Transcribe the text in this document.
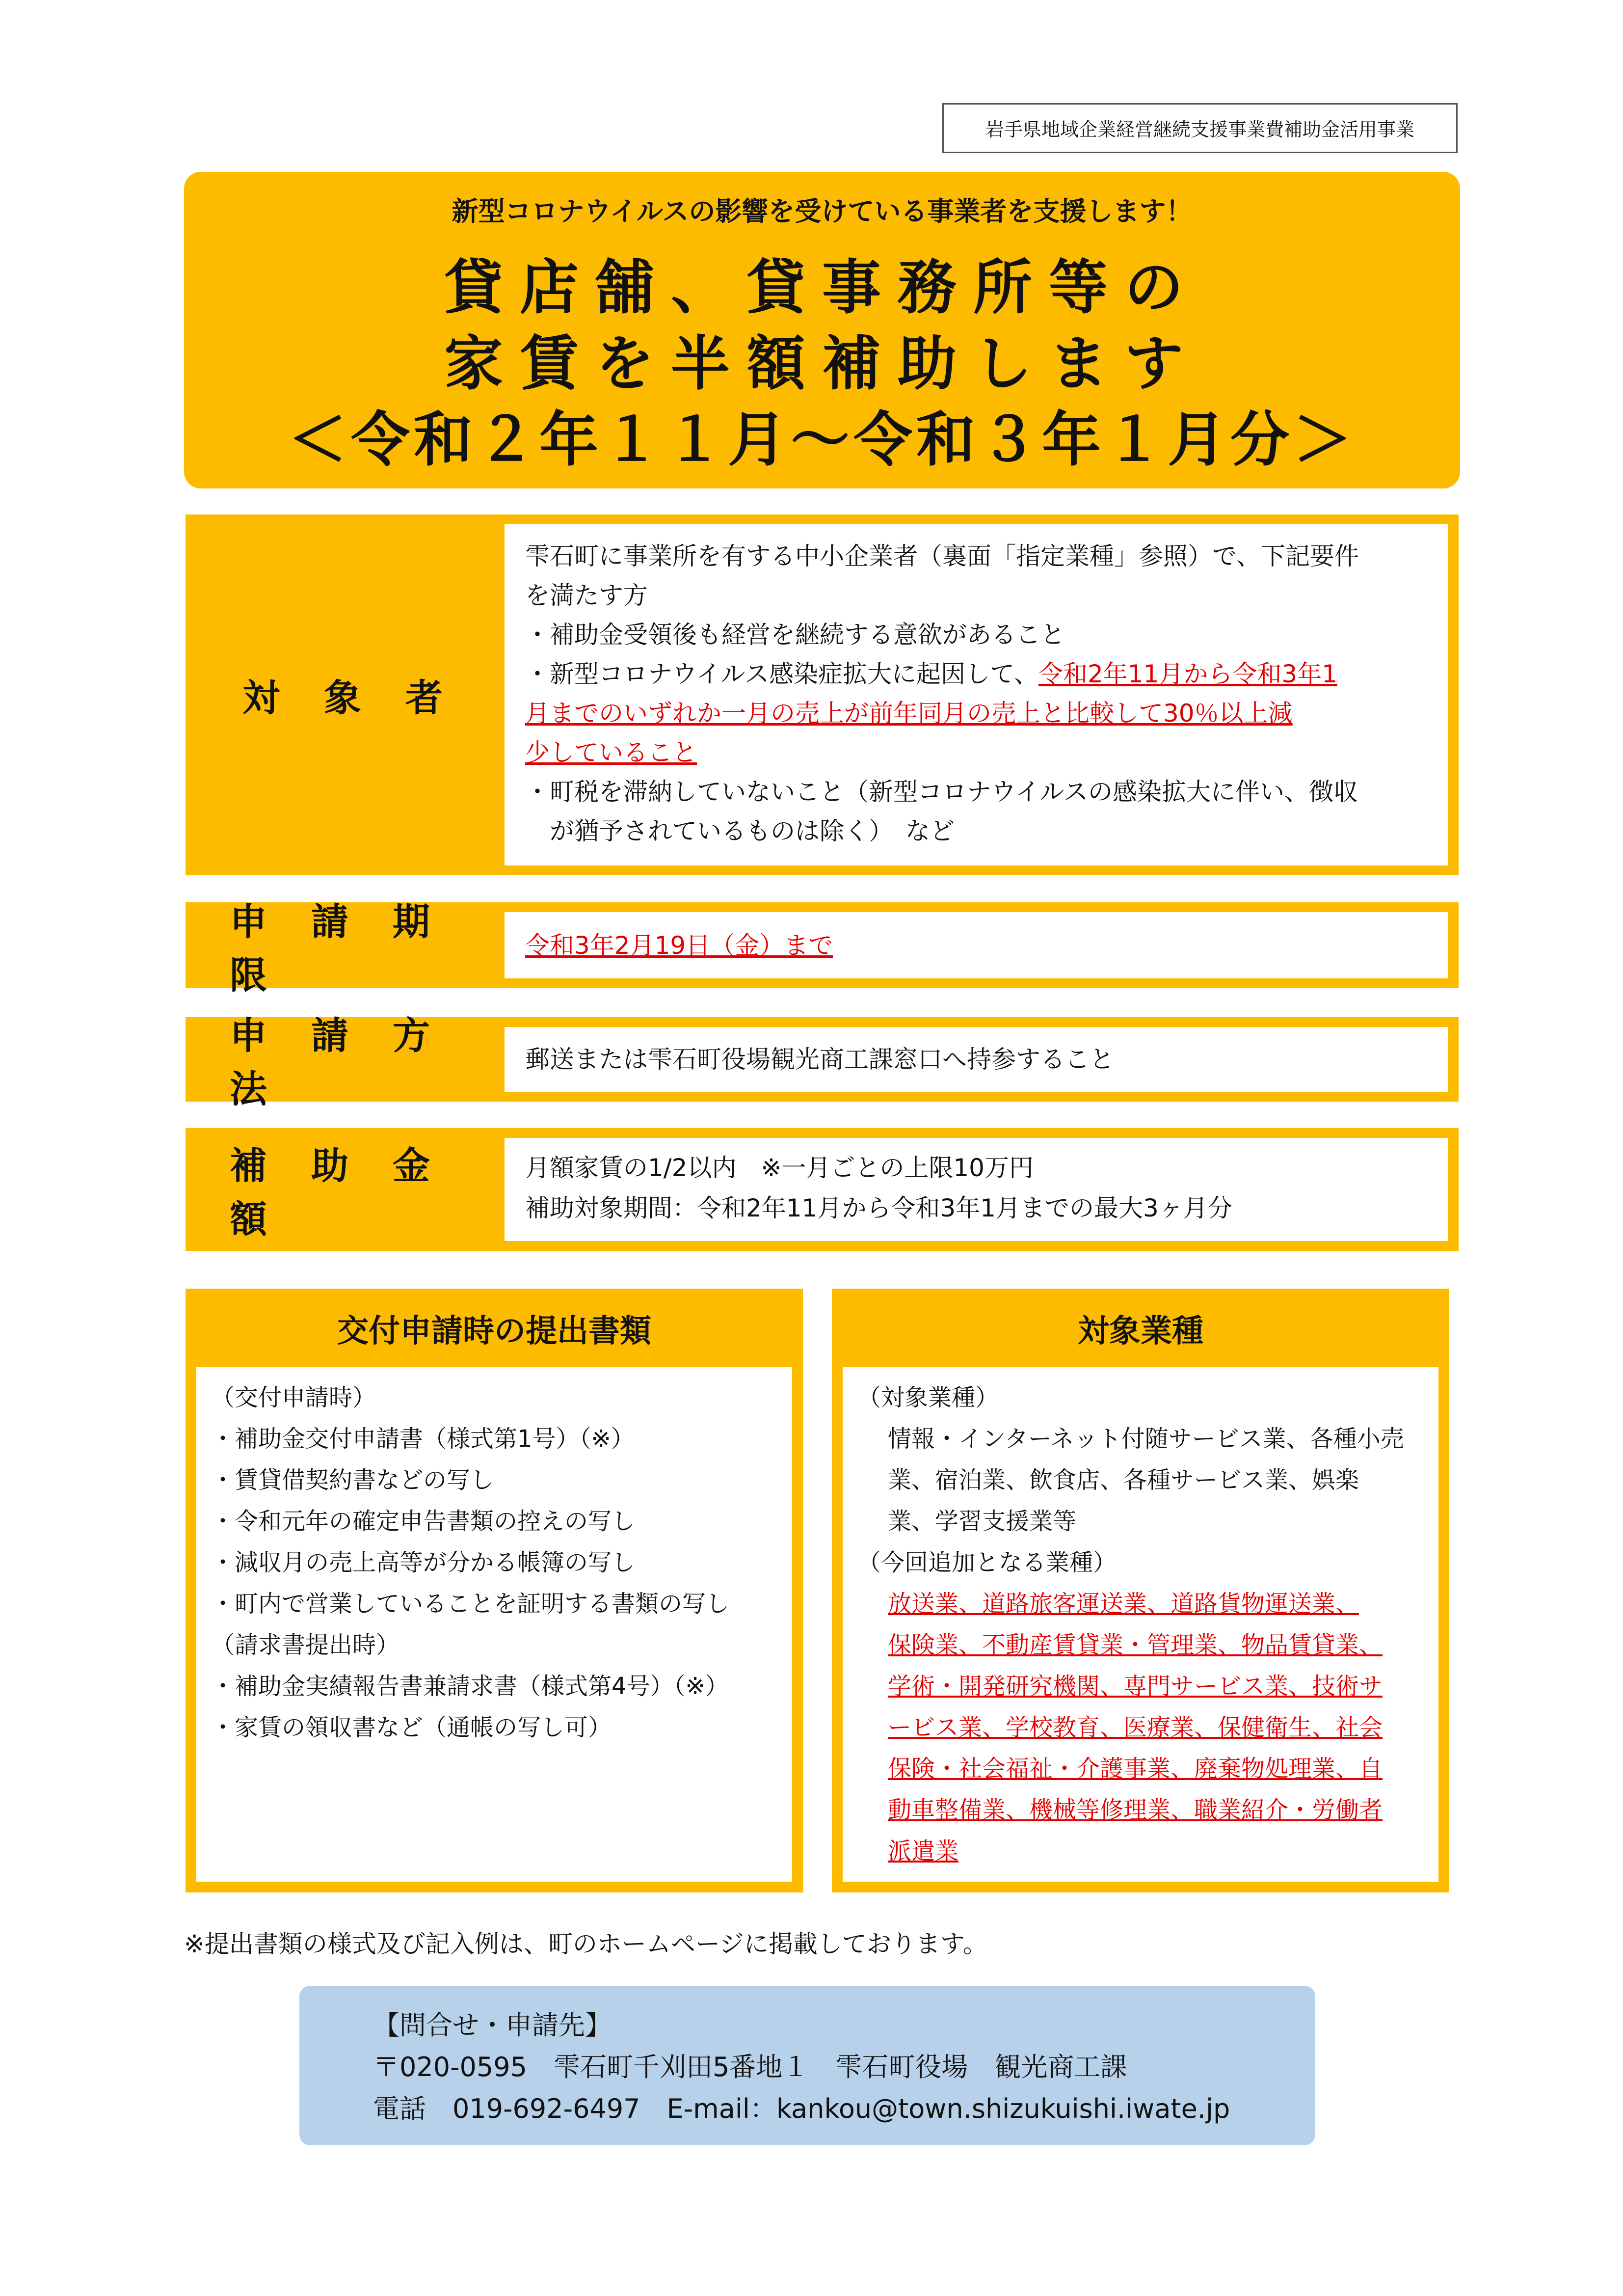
岩手県地域企業経営継続支援事業費補助金活用事業
新型コロナウイルスの影響を受けている事業者を支援します！
貸店舗、貸事務所等の
家賃を半額補助します
＜令和２年１１月～令和３年１月分＞
対象者
雫石町に事業所を有する中小企業者（裏面「指定業種」参照）で、下記要件
を満たす方
・補助金受領後も経営を継続する意欲があること
・新型コロナウイルス感染症拡大に起因して、令和2年11月から令和3年1
月までのいずれか一月の売上が前年同月の売上と比較して30％以上減
少していること
・町税を滞納していないこと（新型コロナウイルスの感染拡大に伴い、徴収
　が猶予されているものは除く）　など
申請期限
令和3年2月19日（金）まで
申請方法
郵送または雫石町役場観光商工課窓口へ持参すること
補助金額
月額家賃の1/2以内　※一月ごとの上限10万円
補助対象期間：令和2年11月から令和3年1月までの最大3ヶ月分
交付申請時の提出書類
（交付申請時）
・補助金交付申請書（様式第1号）（※）
・賃貸借契約書などの写し
・令和元年の確定申告書類の控えの写し
・減収月の売上高等が分かる帳簿の写し
・町内で営業していることを証明する書類の写し
（請求書提出時）
・補助金実績報告書兼請求書（様式第4号）（※）
・家賃の領収書など（通帳の写し可）
対象業種
（対象業種）
情報・インターネット付随サービス業、各種小売
業、宿泊業、飲食店、各種サービス業、娯楽
業、学習支援業等
（今回追加となる業種）
放送業、道路旅客運送業、道路貨物運送業、
保険業、不動産賃貸業・管理業、物品賃貸業、
学術・開発研究機関、専門サービス業、技術サ
ービス業、学校教育、医療業、保健衛生、社会
保険・社会福祉・介護事業、廃棄物処理業、自
動車整備業、機械等修理業、職業紹介・労働者
派遣業
※提出書類の様式及び記入例は、町のホームページに掲載しております。
【問合せ・申請先】
〒020-0595　雫石町千刈田5番地１　雫石町役場　観光商工課
電話　019-692-6497　E-mail：kankou@town.shizukuishi.iwate.jp
